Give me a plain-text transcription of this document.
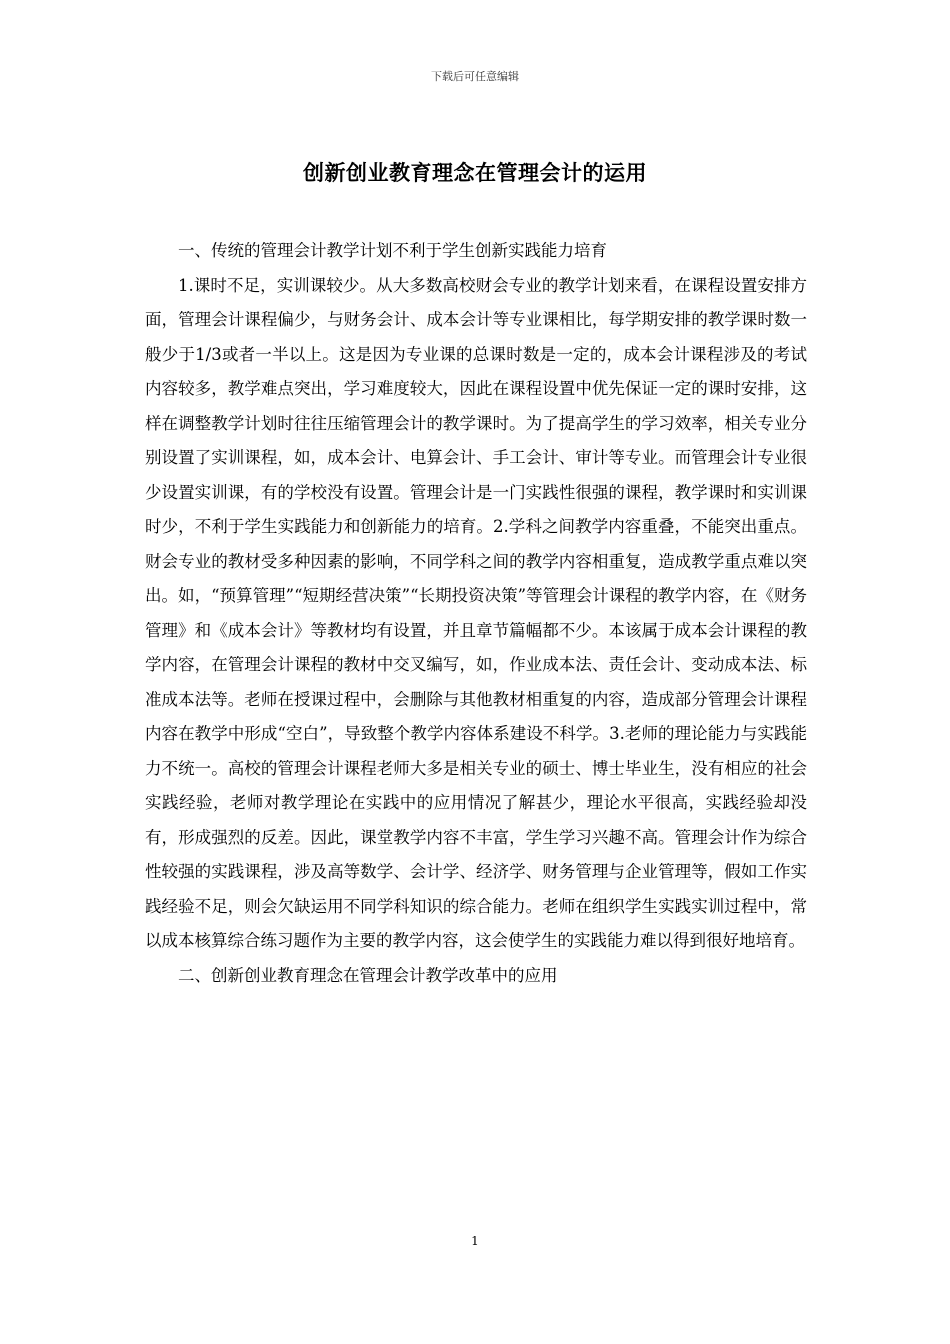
下载后可任意编辑
创新创业教育理念在管理会计的运用

一、传统的管理会计教学计划不利于学生创新实践能力培育

1.课时不足，实训课较少。从大多数高校财会专业的教学计划来看，在课程设置安排方面，管理会计课程偏少，与财务会计、成本会计等专业课相比，每学期安排的教学课时数一般少于1/3或者一半以上。这是因为专业课的总课时数是一定的，成本会计课程涉及的考试内容较多，教学难点突出，学习难度较大，因此在课程设置中优先保证一定的课时安排，这样在调整教学计划时往往压缩管理会计的教学课时。为了提高学生的学习效率，相关专业分别设置了实训课程，如，成本会计、电算会计、手工会计、审计等专业。而管理会计专业很少设置实训课，有的学校没有设置。管理会计是一门实践性很强的课程，教学课时和实训课时少，不利于学生实践能力和创新能力的培育。2.学科之间教学内容重叠，不能突出重点。财会专业的教材受多种因素的影响，不同学科之间的教学内容相重复，造成教学重点难以突出。如，“预算管理”“短期经营决策”“长期投资决策”等管理会计课程的教学内容，在《财务管理》和《成本会计》等教材均有设置，并且章节篇幅都不少。本该属于成本会计课程的教学内容，在管理会计课程的教材中交叉编写，如，作业成本法、责任会计、变动成本法、标准成本法等。老师在授课过程中，会删除与其他教材相重复的内容，造成部分管理会计课程内容在教学中形成“空白”，导致整个教学内容体系建设不科学。3.老师的理论能力与实践能力不统一。高校的管理会计课程老师大多是相关专业的硕士、博士毕业生，没有相应的社会实践经验，老师对教学理论在实践中的应用情况了解甚少，理论水平很高，实践经验却没有，形成强烈的反差。因此，课堂教学内容不丰富，学生学习兴趣不高。管理会计作为综合性较强的实践课程，涉及高等数学、会计学、经济学、财务管理与企业管理等，假如工作实践经验不足，则会欠缺运用不同学科知识的综合能力。老师在组织学生实践实训过程中，常以成本核算综合练习题作为主要的教学内容，这会使学生的实践能力难以得到很好地培育。

二、创新创业教育理念在管理会计教学改革中的应用

1
